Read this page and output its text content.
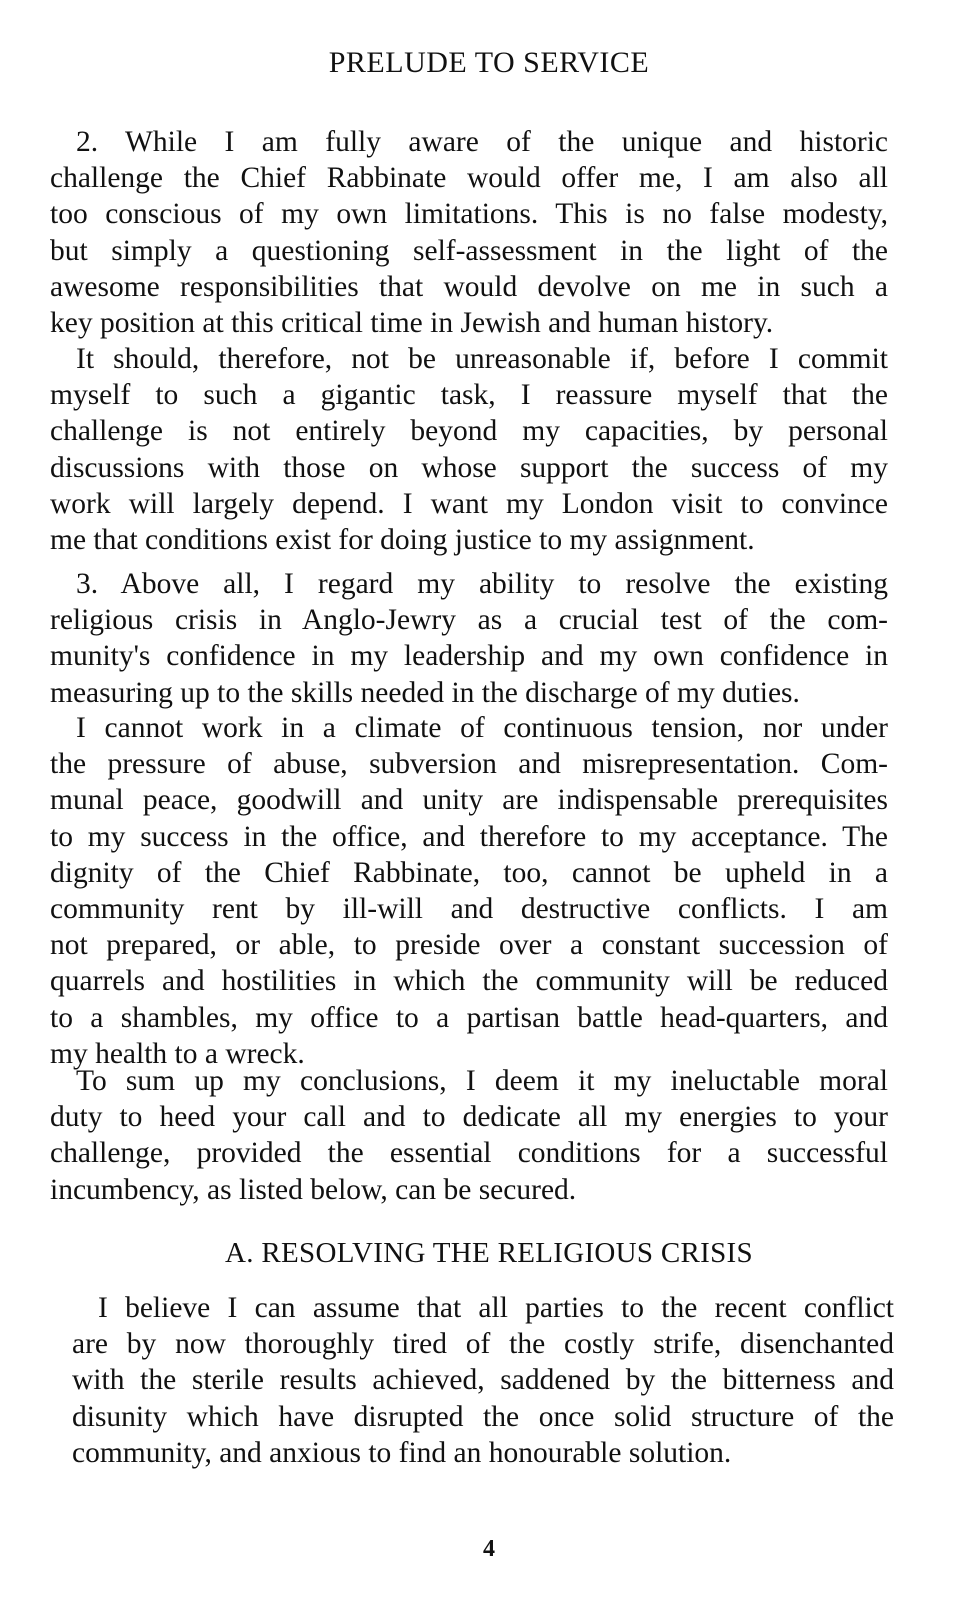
PRELUDE TO SERVICE
2. While I am fully aware of the unique and historic
challenge the Chief Rabbinate would offer me, I am also all
too conscious of my own limitations. This is no false modesty,
but simply a questioning self-assessment in the light of the
awesome responsibilities that would devolve on me in such a
key position at this critical time in Jewish and human history.
It should, therefore, not be unreasonable if, before I commit
myself to such a gigantic task, I reassure myself that the
challenge is not entirely beyond my capacities, by personal
discussions with those on whose support the success of my
work will largely depend. I want my London visit to convince
me that conditions exist for doing justice to my assignment.
3. Above all, I regard my ability to resolve the existing
religious crisis in Anglo-Jewry as a crucial test of the com-
munity's confidence in my leadership and my own confidence in
measuring up to the skills needed in the discharge of my duties.
I cannot work in a climate of continuous tension, nor under
the pressure of abuse, subversion and misrepresentation. Com-
munal peace, goodwill and unity are indispensable prerequisites
to my success in the office, and therefore to my acceptance. The
dignity of the Chief Rabbinate, too, cannot be upheld in a
community rent by ill-will and destructive conflicts. I am
not prepared, or able, to preside over a constant succession of
quarrels and hostilities in which the community will be reduced
to a shambles, my office to a partisan battle head-quarters, and
my health to a wreck.
To sum up my conclusions, I deem it my ineluctable moral
duty to heed your call and to dedicate all my energies to your
challenge, provided the essential conditions for a successful
incumbency, as listed below, can be secured.
A. RESOLVING THE RELIGIOUS CRISIS
I believe I can assume that all parties to the recent conflict
are by now thoroughly tired of the costly strife, disenchanted
with the sterile results achieved, saddened by the bitterness and
disunity which have disrupted the once solid structure of the
community, and anxious to find an honourable solution.
4
